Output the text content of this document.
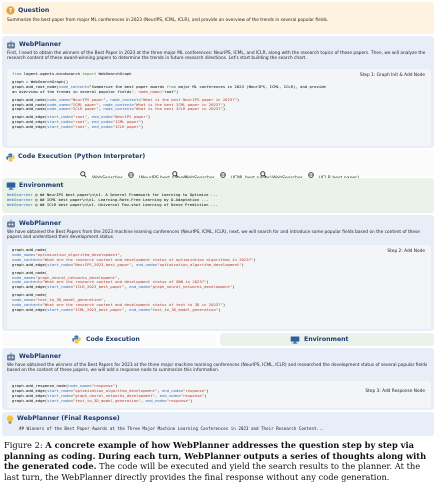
? Question
Summarize the best paper from major ML conferences in 2023 (NeurIPS, ICML, ICLR), and provide an overview of the trends in several popular fields.
WebPlanner
First, I need to obtain the winners of the Best Paper in 2023 at the three major ML conferences: NeurIPS, ICML, and ICLR, along with the research topics of these papers. Then, we will analyze the research content of these award-winning papers to determine the trends in future research directions. Let's start building the search chart.
Step 1: Graph Init & Add Node
from lagent.agents.mindsearch import WebSearchGraph

graph = WebSearchGraph()
graph.add_root_node(node_content="Summarize the best paper awards from major ML conferences in 2023 (NeurIPS, ICML, ICLR), and provide
an overview of the trends in several popular fields", node_name="root")

graph.add_node(node_name="NeurIPS paper", node_content="What is the best NeurIPS paper in 2023?")
graph.add_node(node_name="ICML paper", node_content="What is the best ICML paper in 2023?")
graph.add_node(node_name="ICLR paper", node_content="What is the best ICLR paper in 2023?")

graph.add_edge(start_node="root", end_node="NeurIPS paper")
graph.add_edge(start_node="root", end_node="ICML paper")
graph.add_edge(start_node="root", end_node="ICLR paper")
Code Execution (Python Interpreter)

Environment
WebSearcher ◎ ## NeurIPS best paper\n\n1. A General Framework for Learning to Optimize ...
WebSearcher ◎ ## ICML best paper\n\n1. Learning-Rate-Free Learning by D-Adaptation ...
WebSearcher ◎ ## ICLR best paper\n\n1. Universal Few-shot Learning of Dense Prediction ...
WebPlanner
We have obtained the Best Papers from the 2023 machine learning conferences (NeurIPS, ICML, ICLR), next, we will search for and introduce some popular fields based on the content of these papers and understand their development status.
Step 2: Add Node
graph.add_node(
node_name="optimization_algorithm_development",
node_content="What are the research content and development status of optimization algorithms in 2023?")
graph.add_edge(start_node="NeurIPS_2023_best_paper", end_node="optimization_algorithm_development")

graph.add_node(
node_name="graph_neural_networks_development",
node_content="What are the research content and development status of GNN in 2023?")
graph.add_edge(start_node="ICLR_2023_best_paper", end_node="graph_neural_networks_development")

graph.add_node(
node_name="text_to_3D_model_generation",
node_content="What are the research content and development status of text to 3D in 2023?")
graph.add_edge(start_node="ICML_2023_best_paper", end_node="text_to_3D_model_generation")
Code Execution	Environment
WebPlanner
We have obtained the winners of the Best Papers for 2023 at the three major machine learning conferences (NeurIPS, ICML, ICLR) and researched the development status of several popular fields based on the content of these papers, we will add a response node to summarize this information.
Step 3: Add Response Node
graph.add_response_node(node_name="response")
graph.add_edge(start_node="optimization_algorithm_development", end_node="response")
graph.add_edge(start_node="graph_neural_networks_development", end_node="response")
graph.add_edge(start_node="text_to_3D_model_generation", end_node="response")
WebPlanner (Final Response)
## Winners of the Best Paper Awards at the Three Major Machine Learning Conferences in 2023 and Their Research Content...
Figure 2: A concrete example of how WebPlanner addresses the question step by step via planning as coding. During each turn, WebPlanner outputs a series of thoughts along with the generated code. The code will be executed and yield the search results to the planner. At the last turn, the WebPlanner directly provides the final response without any code generation.
